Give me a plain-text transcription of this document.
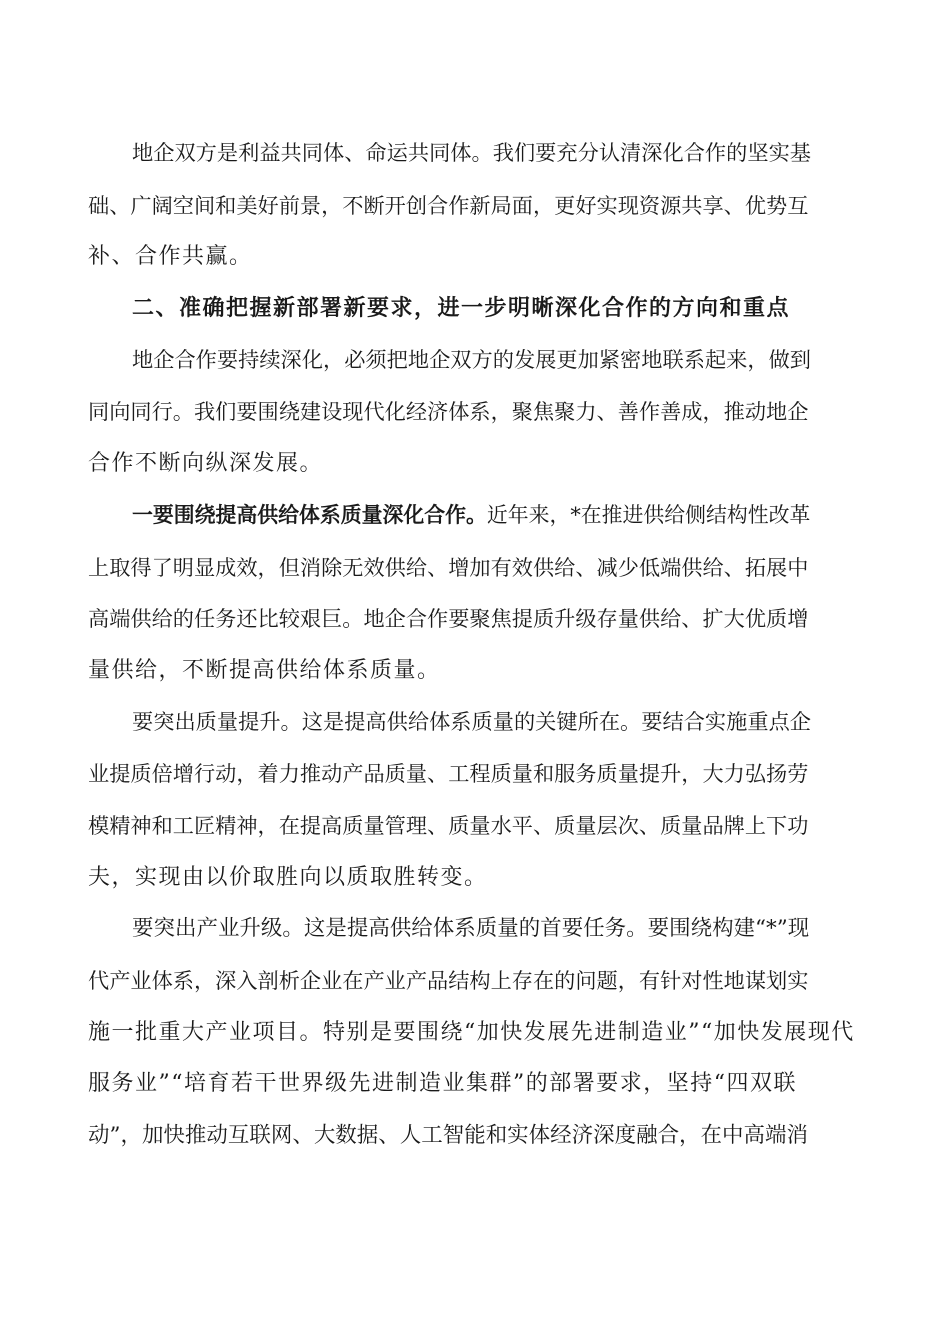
地企双方是利益共同体、命运共同体。我们要充分认清深化合作的坚实基
础、广阔空间和美好前景，不断开创合作新局面，更好实现资源共享、优势互
补、合作共赢。
二、准确把握新部署新要求，进一步明晰深化合作的方向和重点
地企合作要持续深化，必须把地企双方的发展更加紧密地联系起来，做到
同向同行。我们要围绕建设现代化经济体系，聚焦聚力、善作善成，推动地企
合作不断向纵深发展。
一要围绕提高供给体系质量深化合作。近年来，*在推进供给侧结构性改革
上取得了明显成效，但消除无效供给、增加有效供给、减少低端供给、拓展中
高端供给的任务还比较艰巨。地企合作要聚焦提质升级存量供给、扩大优质增
量供给，不断提高供给体系质量。
要突出质量提升。这是提高供给体系质量的关键所在。要结合实施重点企
业提质倍增行动，着力推动产品质量、工程质量和服务质量提升，大力弘扬劳
模精神和工匠精神，在提高质量管理、质量水平、质量层次、质量品牌上下功
夫，实现由以价取胜向以质取胜转变。
要突出产业升级。这是提高供给体系质量的首要任务。要围绕构建“*”现
代产业体系，深入剖析企业在产业产品结构上存在的问题，有针对性地谋划实
施一批重大产业项目。特别是要围绕“加快发展先进制造业”“加快发展现代
服务业”“培育若干世界级先进制造业集群”的部署要求，坚持“四双联
动”，加快推动互联网、大数据、人工智能和实体经济深度融合，在中高端消
